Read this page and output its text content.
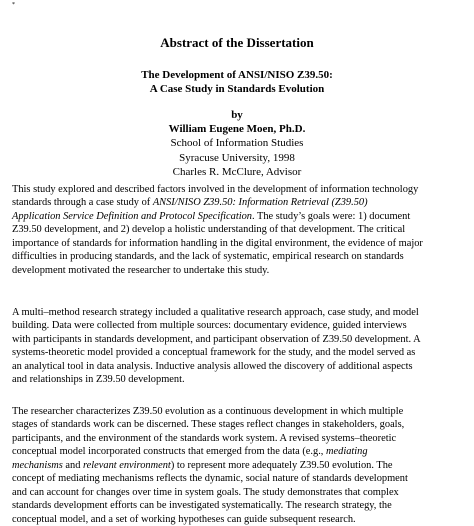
*
Abstract of the Dissertation
The Development of ANSI/NISO Z39.50:
A Case Study in Standards Evolution
by
William Eugene Moen, Ph.D.
School of Information Studies
Syracuse University, 1998
Charles R. McClure, Advisor
This study explored and described factors involved in the development of information technology
standards through a case study of ANSI/NISO Z39.50: Information Retrieval (Z39.50)
Application Service Definition and Protocol Specification. The study’s goals were: 1) document
Z39.50 development, and 2) develop a holistic understanding of that development. The critical
importance of standards for information handling in the digital environment, the evidence of major
difficulties in producing standards, and the lack of systematic, empirical research on standards
development motivated the researcher to undertake this study.
A multi–method research strategy included a qualitative research approach, case study, and model
building. Data were collected from multiple sources: documentary evidence, guided interviews
with participants in standards development, and participant observation of Z39.50 development. A
systems-theoretic model provided a conceptual framework for the study, and the model served as
an analytical tool in data analysis. Inductive analysis allowed the discovery of additional aspects
and relationships in Z39.50 development.
The researcher characterizes Z39.50 evolution as a continuous development in which multiple
stages of standards work can be discerned. These stages reflect changes in stakeholders, goals,
participants, and the environment of the standards work system. A revised systems–theoretic
conceptual model incorporated constructs that emerged from the data (e.g., mediating
mechanisms and relevant environment) to represent more adequately Z39.50 evolution. The
concept of mediating mechanisms reflects the dynamic, social nature of standards development
and can account for changes over time in system goals. The study demonstrates that complex
standards development efforts can be investigated systematically. The research strategy, the
conceptual model, and a set of working hypotheses can guide subsequent research.
